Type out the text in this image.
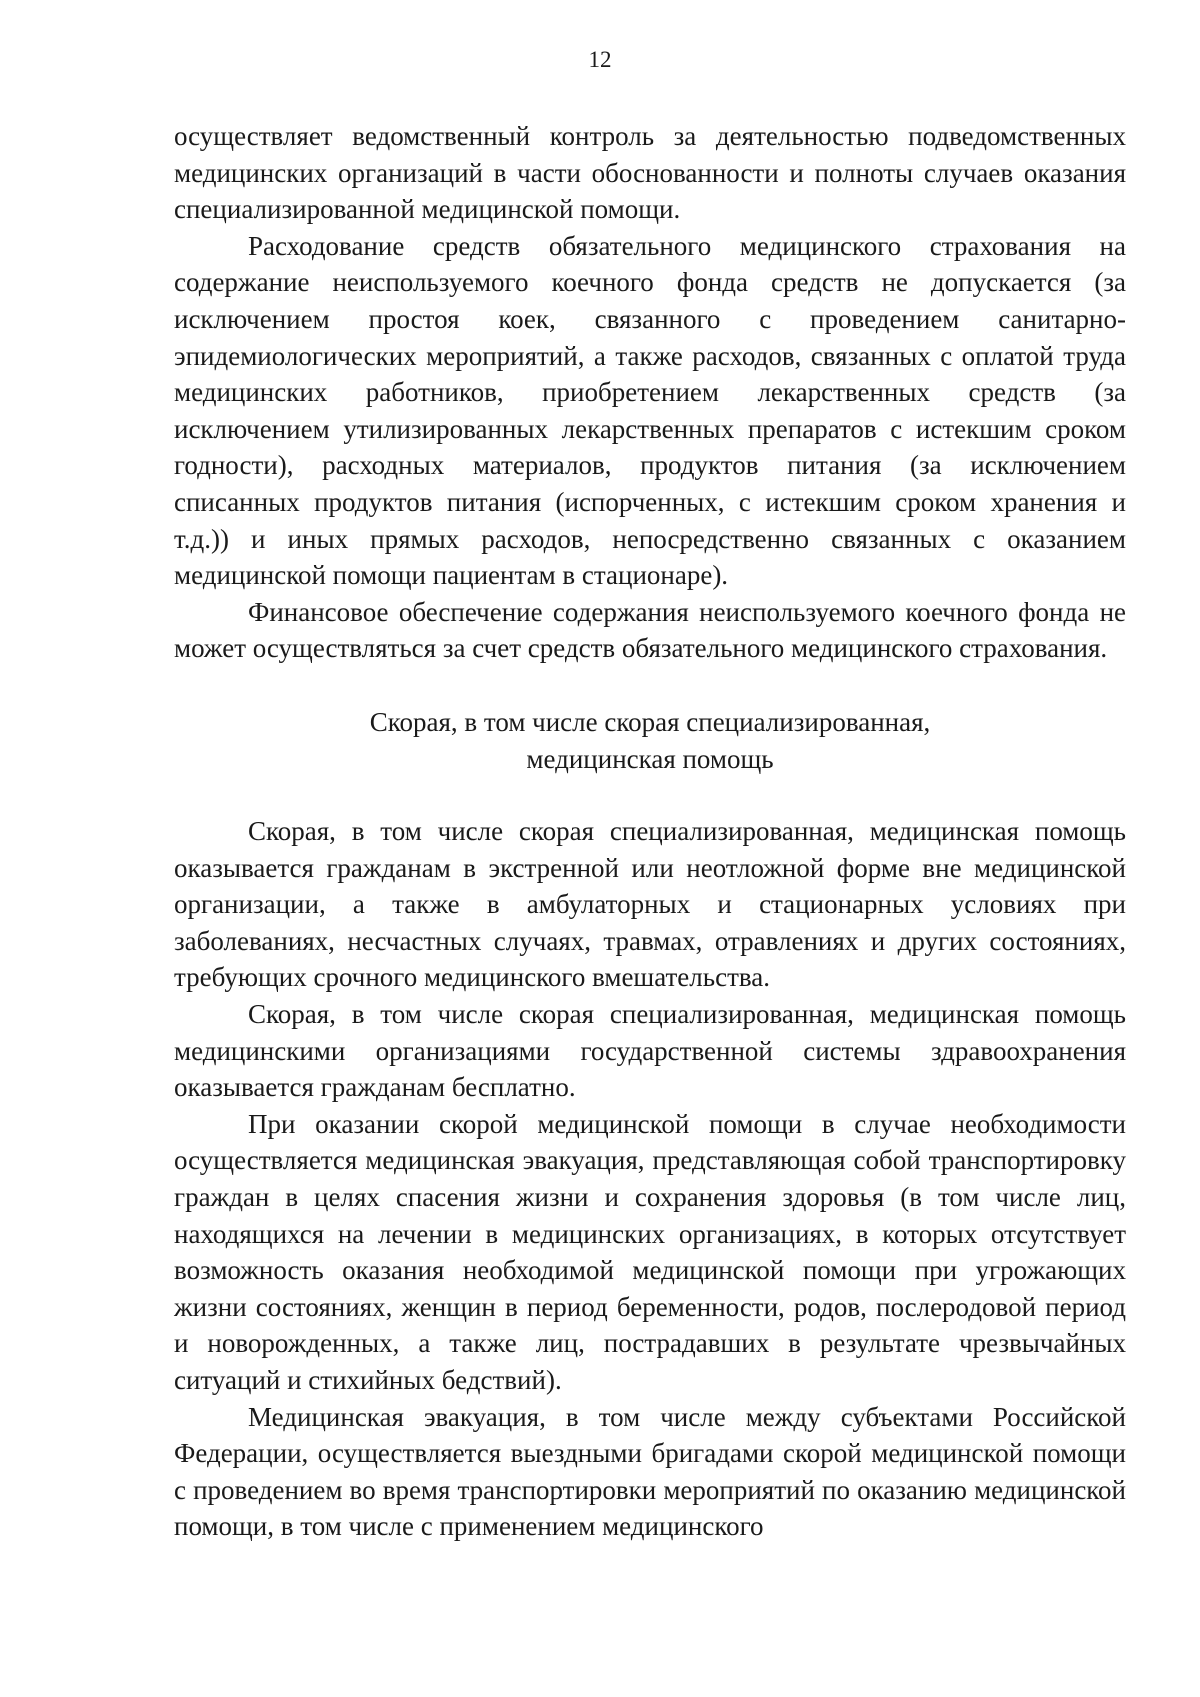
12

осуществляет ведомственный контроль за деятельностью подведомственных медицинских организаций в части обоснованности и полноты случаев оказания специализированной медицинской помощи.

Расходование средств обязательного медицинского страхования на содержание неиспользуемого коечного фонда средств не допускается (за исключением простоя коек, связанного с проведением санитарно-эпидемиологических мероприятий, а также расходов, связанных с оплатой труда медицинских работников, приобретением лекарственных средств (за исключением утилизированных лекарственных препаратов с истекшим сроком годности), расходных материалов, продуктов питания (за исключением списанных продуктов питания (испорченных, с истекшим сроком хранения и т.д.)) и иных прямых расходов, непосредственно связанных с оказанием медицинской помощи пациентам в стационаре).

Финансовое обеспечение содержания неиспользуемого коечного фонда не может осуществляться за счет средств обязательного медицинского страхования.

Скорая, в том числе скорая специализированная,
медицинская помощь

Скорая, в том числе скорая специализированная, медицинская помощь оказывается гражданам в экстренной или неотложной форме вне медицинской организации, а также в амбулаторных и стационарных условиях при заболеваниях, несчастных случаях, травмах, отравлениях и других состояниях, требующих срочного медицинского вмешательства.

Скорая, в том числе скорая специализированная, медицинская помощь медицинскими организациями государственной системы здравоохранения оказывается гражданам бесплатно.

При оказании скорой медицинской помощи в случае необходимости осуществляется медицинская эвакуация, представляющая собой транспортировку граждан в целях спасения жизни и сохранения здоровья (в том числе лиц, находящихся на лечении в медицинских организациях, в которых отсутствует возможность оказания необходимой медицинской помощи при угрожающих жизни состояниях, женщин в период беременности, родов, послеродовой период и новорожденных, а также лиц, пострадавших в результате чрезвычайных ситуаций и стихийных бедствий).

Медицинская эвакуация, в том числе между субъектами Российской Федерации, осуществляется выездными бригадами скорой медицинской помощи с проведением во время транспортировки мероприятий по оказанию медицинской помощи, в том числе с применением медицинского
